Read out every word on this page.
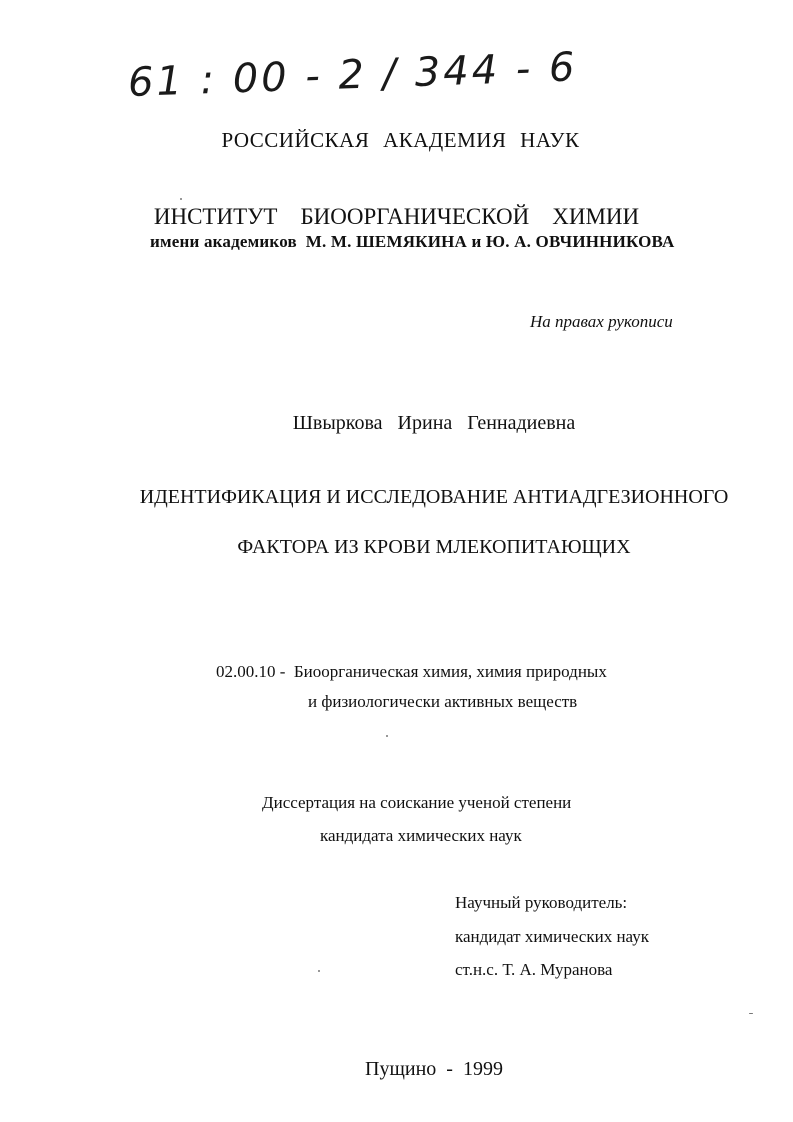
61 : 00 - 2 / 344 - 6
РОССИЙСКАЯ АКАДЕМИЯ НАУК
ИНСТИТУТ    БИООРГАНИЧЕСКОЙ    ХИМИИ
имени академиков  М. М. ШЕМЯКИНА и Ю. А. ОВЧИННИКОВА
На правах рукописи
Швыркова   Ирина   Геннадиевна
ИДЕНТИФИКАЦИЯ И ИССЛЕДОВАНИЕ АНТИАДГЕЗИОННОГО
ФАКТОРА ИЗ КРОВИ МЛЕКОПИТАЮЩИХ
02.00.10 -  Биоорганическая химия, химия природных
и физиологически активных веществ
Диссертация на соискание ученой степени
кандидата химических наук
Научный руководитель:
кандидат химических наук
ст.н.с. Т. А. Муранова
Пущино  -  1999
